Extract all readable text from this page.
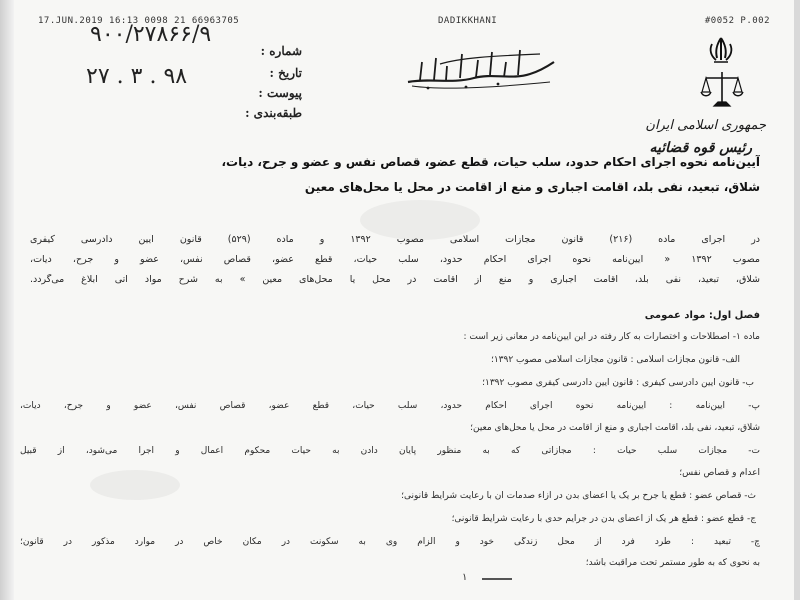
17.JUN.2019 16:13 0098 21 66963705	DADIKKHANI	#0052 P.002
۹۰۰/۲۷۸۶۶/۹
۹۸ . ۳ . ۲۷
شماره :
تاریخ :
پیوست :
طبقه‌بندی :
جمهوری اسلامی ایران
رئیس قوه قضائیه
آیین‌نامه نحوه اجرای احکام حدود، سلب حیات، قطع عضو، قصاص نفس و عضو و جرح، دیات،
شلاق، تبعید، نفی بلد، اقامت اجباری و منع از اقامت در محل یا محل‌های معین
در اجرای ماده (۲۱۶) قانون مجازات اسلامی مصوب ۱۳۹۲ و ماده (۵۲۹) قانون آیین دادرسی کیفری
مصوب ۱۳۹۲ « آیین‌نامه نحوه اجرای احکام حدود، سلب حیات، قطع عضو، قصاص نفس، عضو و جرح، دیات،
شلاق، تبعید، نفی بلد، اقامت اجباری و منع از اقامت در محل یا محل‌های معین » به شرح مواد آتی ابلاغ می‌گردد.
فصل اول: مواد عمومی
ماده ۱- اصطلاحات و اختصارات به کار رفته در این آیین‌نامه در معانی زیر است :
الف- قانون مجازات اسلامی : قانون مجازات اسلامی مصوب ۱۳۹۲؛
ب- قانون آیین دادرسی کیفری : قانون آیین دادرسی کیفری مصوب ۱۳۹۲؛
پ- آیین‌نامه : آیین‌نامه نحوه اجرای احکام حدود، سلب حیات، قطع عضو، قصاص نفس، عضو و جرح، دیات،
شلاق، تبعید، نفی بلد، اقامت اجباری و منع از اقامت در محل یا محل‌های معین؛
ت- مجازات سلب حیات : مجازاتی که به منظور پایان دادن به حیات محکوم اعمال و اجرا می‌شود، از قبیل
اعدام و قصاص نفس؛
ث- قصاص عضو : قطع یا جرح بر یک یا اعضای بدن در ازاء صدمات آن با رعایت شرایط قانونی؛
ج- قطع عضو : قطع هر یک از اعضای بدن در جرایم حدی با رعایت شرایط قانونی؛
چ- تبعید : طرد فرد از محل زندگی خود و الزام وی به سکونت در مکان خاص در موارد مذکور در قانون؛
به نحوی که به طور مستمر تحت مراقبت باشد؛
۱
